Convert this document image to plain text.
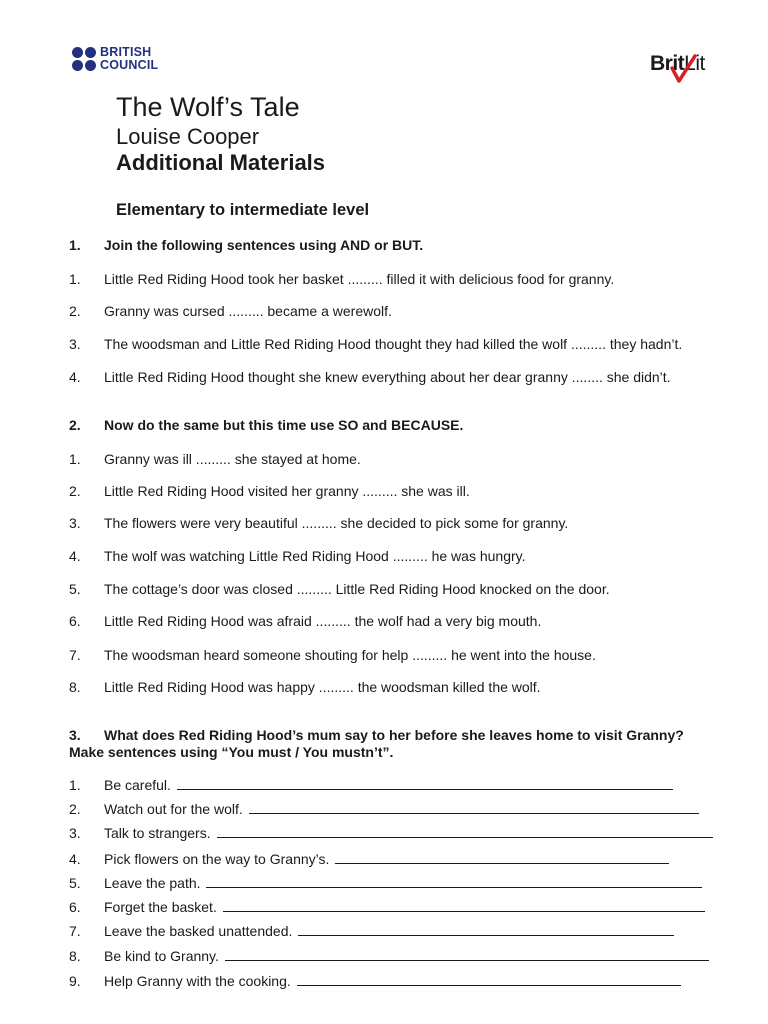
BRITISH
COUNCIL	BritLit
The Wolf’s Tale
Louise Cooper
Additional Materials
Elementary to intermediate level
1. Join the following sentences using AND or BUT.
1. Little Red Riding Hood took her basket ......... filled it with delicious food for granny.
2. Granny was cursed ......... became a werewolf.
3. The woodsman and Little Red Riding Hood thought they had killed the wolf ......... they hadn’t.
4. Little Red Riding Hood thought she knew everything about her dear granny ........ she didn’t.
2. Now do the same but this time use SO and BECAUSE.
1. Granny was ill ......... she stayed at home.
2. Little Red Riding Hood visited her granny ......... she was ill.
3. The flowers were very beautiful ......... she decided to pick some for granny.
4. The wolf was watching Little Red Riding Hood ......... he was hungry.
5. The cottage’s door was closed ......... Little Red Riding Hood knocked on the door.
6. Little Red Riding Hood was afraid ......... the wolf had a very big mouth.
7. The woodsman heard someone shouting for help ......... he went into the house.
8. Little Red Riding Hood was happy ......... the woodsman killed the wolf.
3. What does Red Riding Hood’s mum say to her before she leaves home to visit Granny?
Make sentences using “You must / You mustn’t”.
1. Be careful.
2. Watch out for the wolf.
3. Talk to strangers.
4. Pick flowers on the way to Granny’s.
5. Leave the path.
6. Forget the basket.
7. Leave the basked unattended.
8. Be kind to Granny.
9. Help Granny with the cooking.
